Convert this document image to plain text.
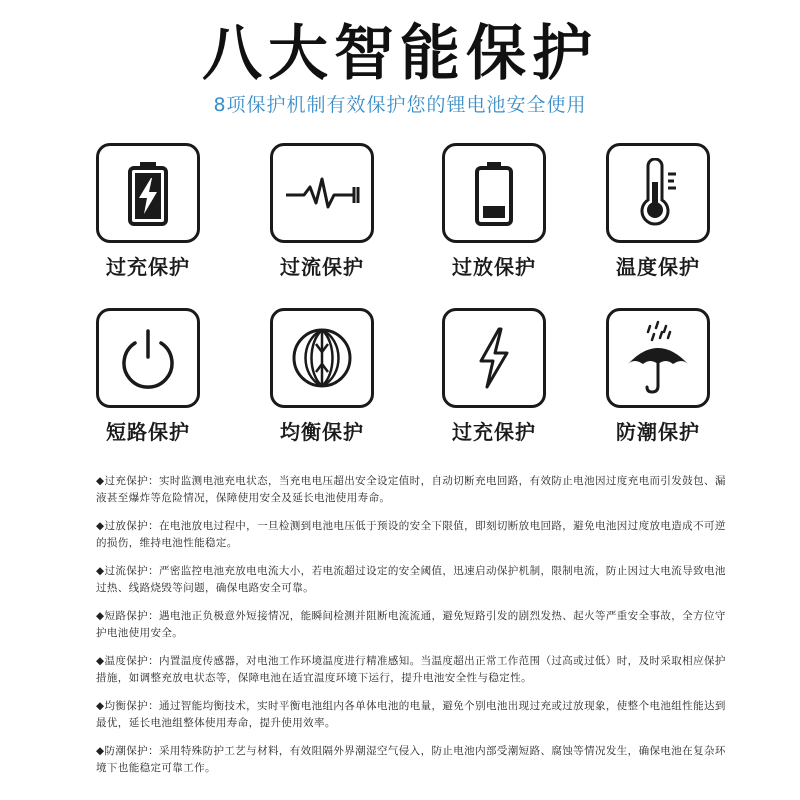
八大智能保护
8项保护机制有效保护您的锂电池安全使用
过充保护	过流保护	过放保护	温度保护
短路保护	均衡保护	过充保护	防潮保护

◆过充保护：实时监测电池充电状态，当充电电压超出安全设定值时，自动切断充电回路，有效防止电池因过度充电而引发鼓包、漏液甚至爆炸等危险情况，保障使用安全及延长电池使用寿命。

◆过放保护：在电池放电过程中，一旦检测到电池电压低于预设的安全下限值，即刻切断放电回路，避免电池因过度放电造成不可逆的损伤，维持电池性能稳定。

◆过流保护：严密监控电池充放电电流大小，若电流超过设定的安全阈值，迅速启动保护机制，限制电流，防止因过大电流导致电池过热、线路烧毁等问题，确保电路安全可靠。

◆短路保护：遇电池正负极意外短接情况，能瞬间检测并阻断电流流通，避免短路引发的剧烈发热、起火等严重安全事故，全方位守护电池使用安全。

◆温度保护：内置温度传感器，对电池工作环境温度进行精准感知。当温度超出正常工作范围（过高或过低）时，及时采取相应保护措施，如调整充放电状态等，保障电池在适宜温度环境下运行，提升电池安全性与稳定性。

◆均衡保护：通过智能均衡技术，实时平衡电池组内各单体电池的电量，避免个别电池出现过充或过放现象，使整个电池组性能达到最优，延长电池组整体使用寿命，提升使用效率。

◆防潮保护：采用特殊防护工艺与材料，有效阻隔外界潮湿空气侵入，防止电池内部受潮短路、腐蚀等情况发生，确保电池在复杂环境下也能稳定可靠工作。
